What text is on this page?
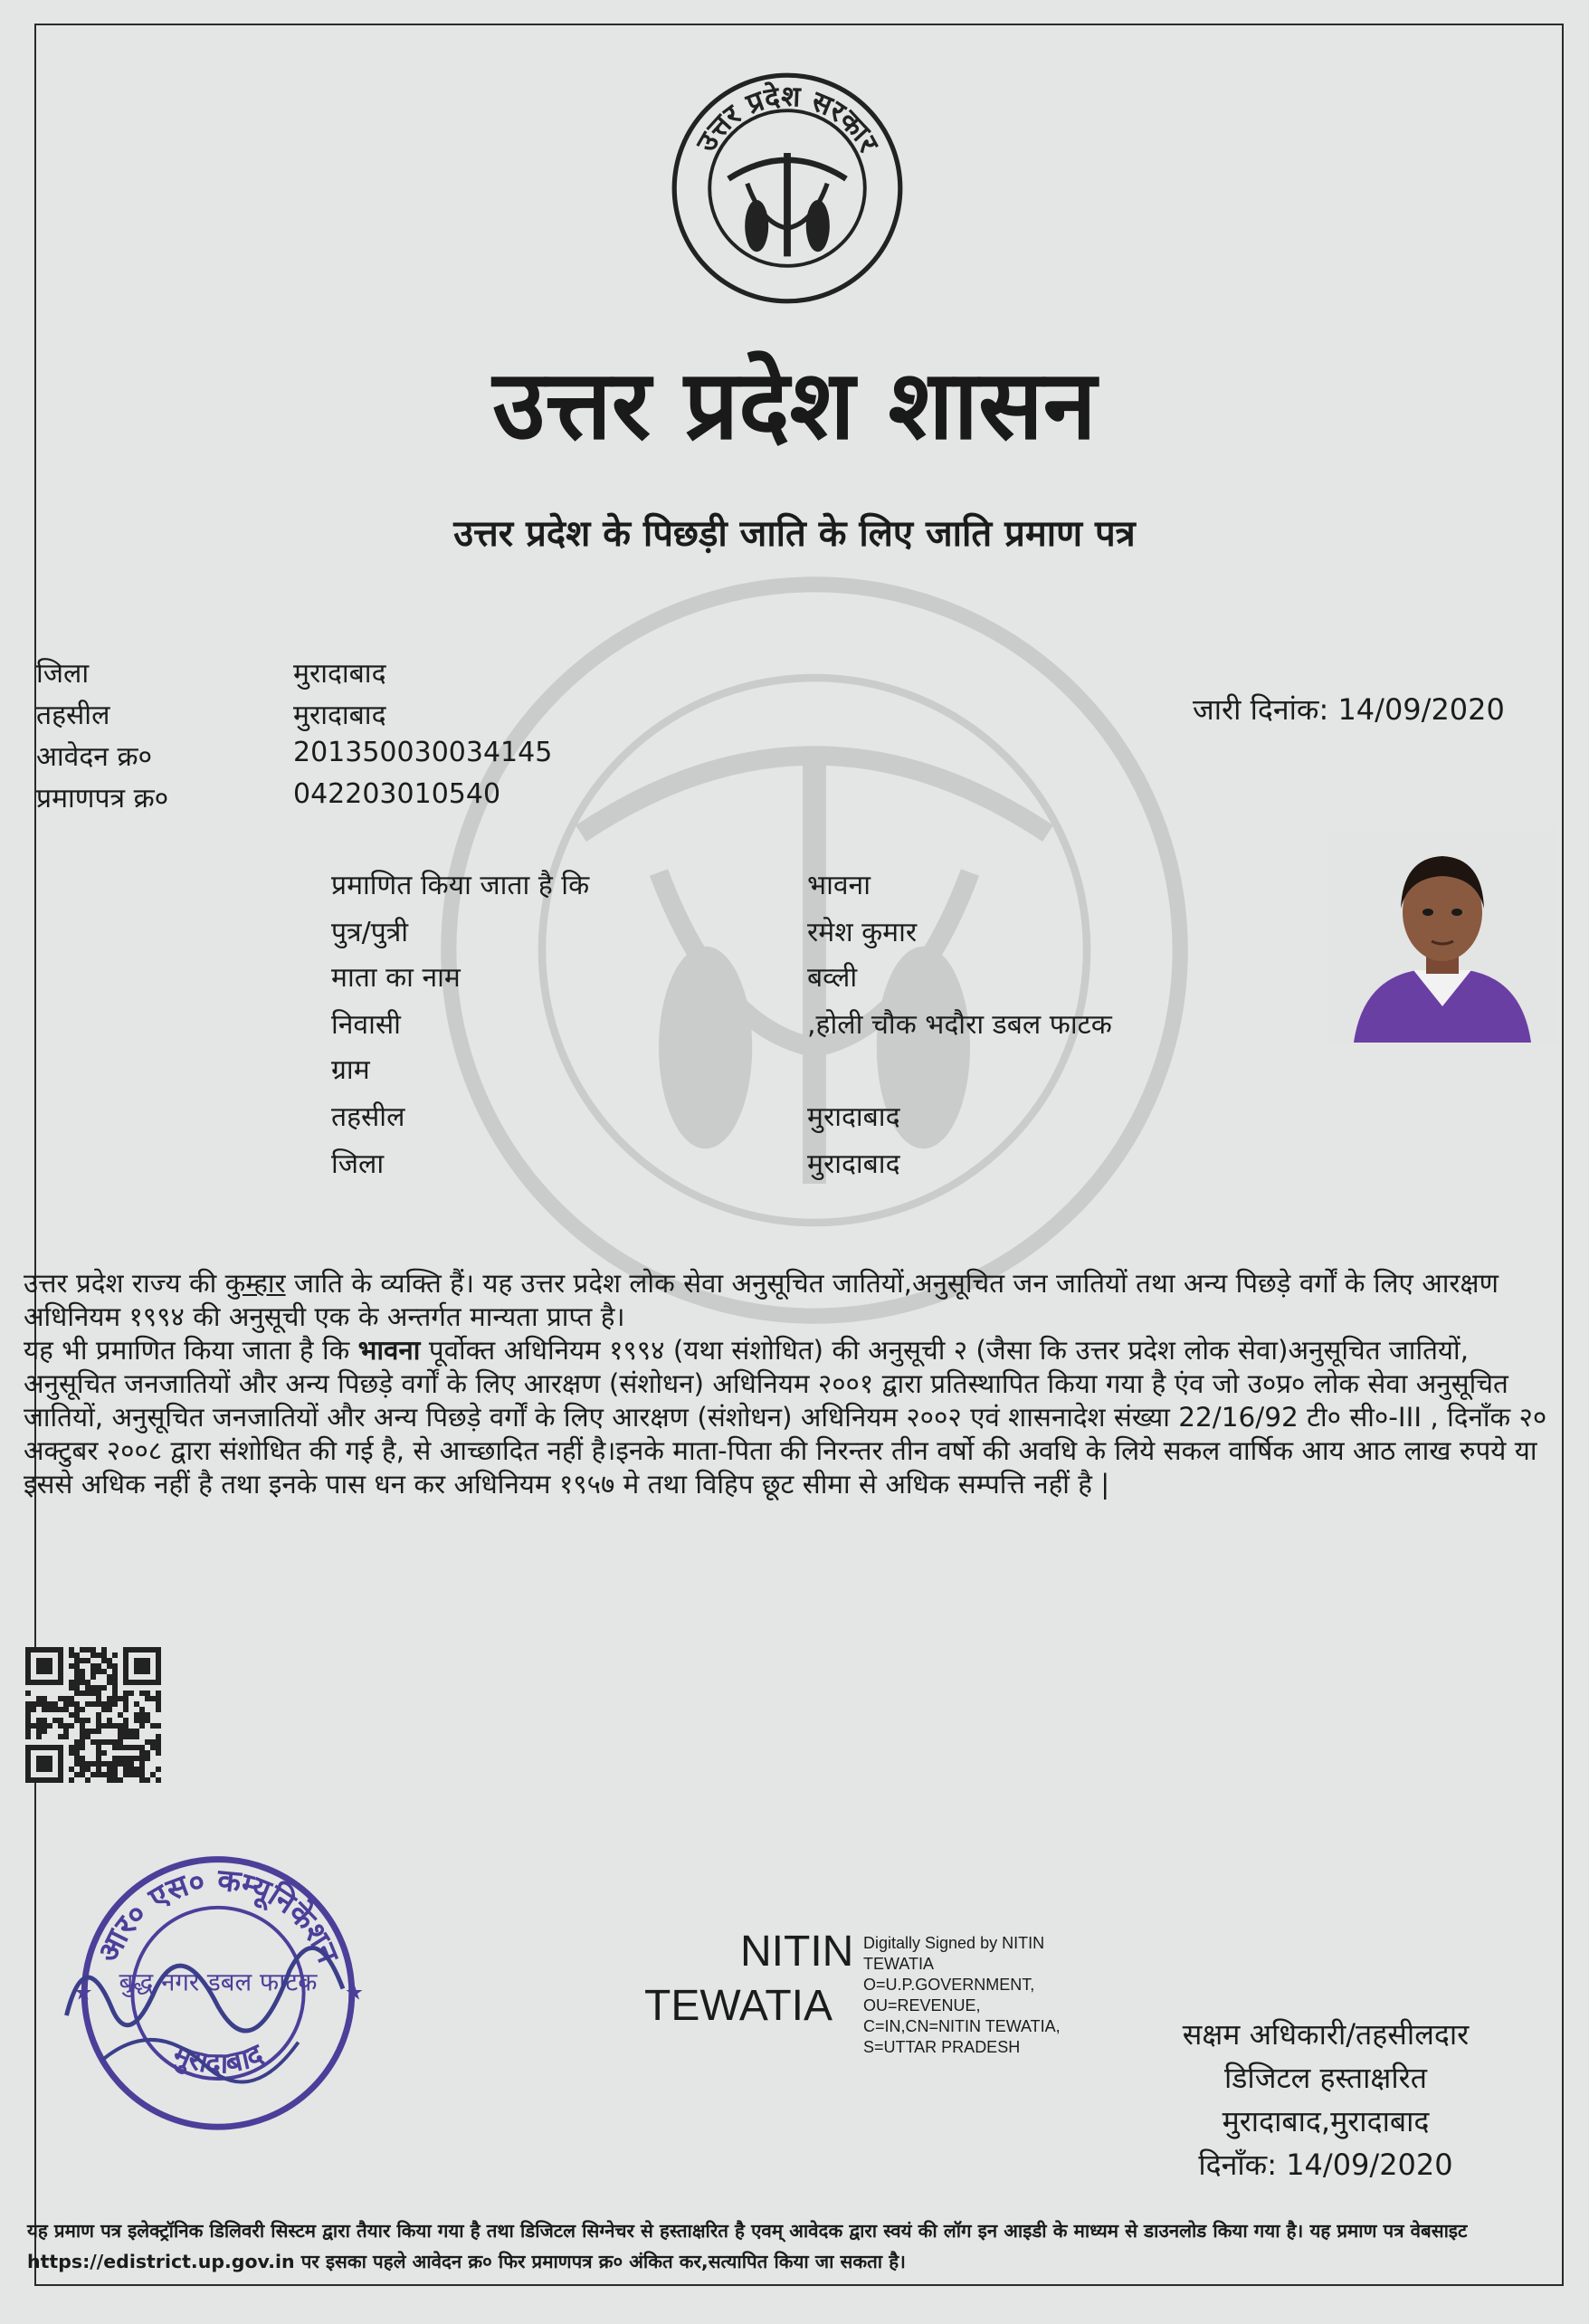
उत्तर प्रदेश सरकार
उत्तर प्रदेश शासन
उत्तर प्रदेश के पिछड़ी जाति के लिए जाति प्रमाण पत्र
जिला	मुरादाबाद
तहसील	मुरादाबाद
आवेदन क्र०	201350030034145
प्रमाणपत्र क्र०	042203010540
जारी दिनांक: 14/09/2020
प्रमाणित किया जाता है कि	भावना
पुत्र/पुत्री	रमेश कुमार
माता का नाम	बव्ली
निवासी	,होली चौक भदौरा डबल फाटक
ग्राम
तहसील	मुरादाबाद
जिला	मुरादाबाद

उत्तर प्रदेश राज्य की कुम्हार जाति के व्यक्ति हैं। यह उत्तर प्रदेश लोक सेवा अनुसूचित जातियों,अनुसूचित जन जातियों तथा अन्य पिछड़े वर्गों के लिए आरक्षण अधिनियम १९९४ की अनुसूची एक के अन्तर्गत मान्यता प्राप्त है।

यह भी प्रमाणित किया जाता है कि भावना पूर्वोक्त अधिनियम १९९४ (यथा संशोधित) की अनुसूची २ (जैसा कि उत्तर प्रदेश लोक सेवा)अनुसूचित जातियों, अनुसूचित जनजातियों और अन्य पिछड़े वर्गों के लिए आरक्षण (संशोधन) अधिनियम २००१ द्वारा प्रतिस्थापित किया गया है एंव जो उ०प्र० लोक सेवा अनुसूचित जातियों, अनुसूचित जनजातियों और अन्य पिछड़े वर्गों के लिए आरक्षण (संशोधन) अधिनियम २००२ एवं शासनादेश संख्या 22/16/92 टी० सी०-III , दिनाँक २० अक्टुबर २००८ द्वारा संशोधित की गई है, से आच्छादित नहीं है।इनके माता-पिता की निरन्तर तीन वर्षो की अवधि के लिये सकल वार्षिक आय आठ लाख रुपये या इससे अधिक नहीं है तथा इनके पास धन कर अधिनियम १९५७ मे तथा विहिप छूट सीमा से अधिक सम्पत्ति नहीं है |

आर० एस० कम्यूनिकेशन
बुद्ध नगर डबल फाटक
मुरादाबाद
★	★
NITIN
TEWATIA
Digitally Signed by NITIN TEWATIA O=U.P.GOVERNMENT, OU=REVENUE, C=IN,CN=NITIN TEWATIA, S=UTTAR PRADESH	सक्षम अधिकारी/तहसीलदार
डिजिटल हस्ताक्षरित
मुरादाबाद,मुरादाबाद
दिनाँक: 14/09/2020
यह प्रमाण पत्र इलेक्ट्रॉनिक डिलिवरी सिस्टम द्वारा तैयार किया गया है तथा डिजिटल सिग्नेचर से हस्ताक्षरित है एवम् आवेदक द्वारा स्वयं की लॉग इन आइडी के माध्यम से डाउनलोड किया गया है। यह प्रमाण पत्र वेबसाइट https://edistrict.up.gov.in पर इसका पहले आवेदन क्र० फिर प्रमाणपत्र क्र० अंकित कर,सत्यापित किया जा सकता है।
